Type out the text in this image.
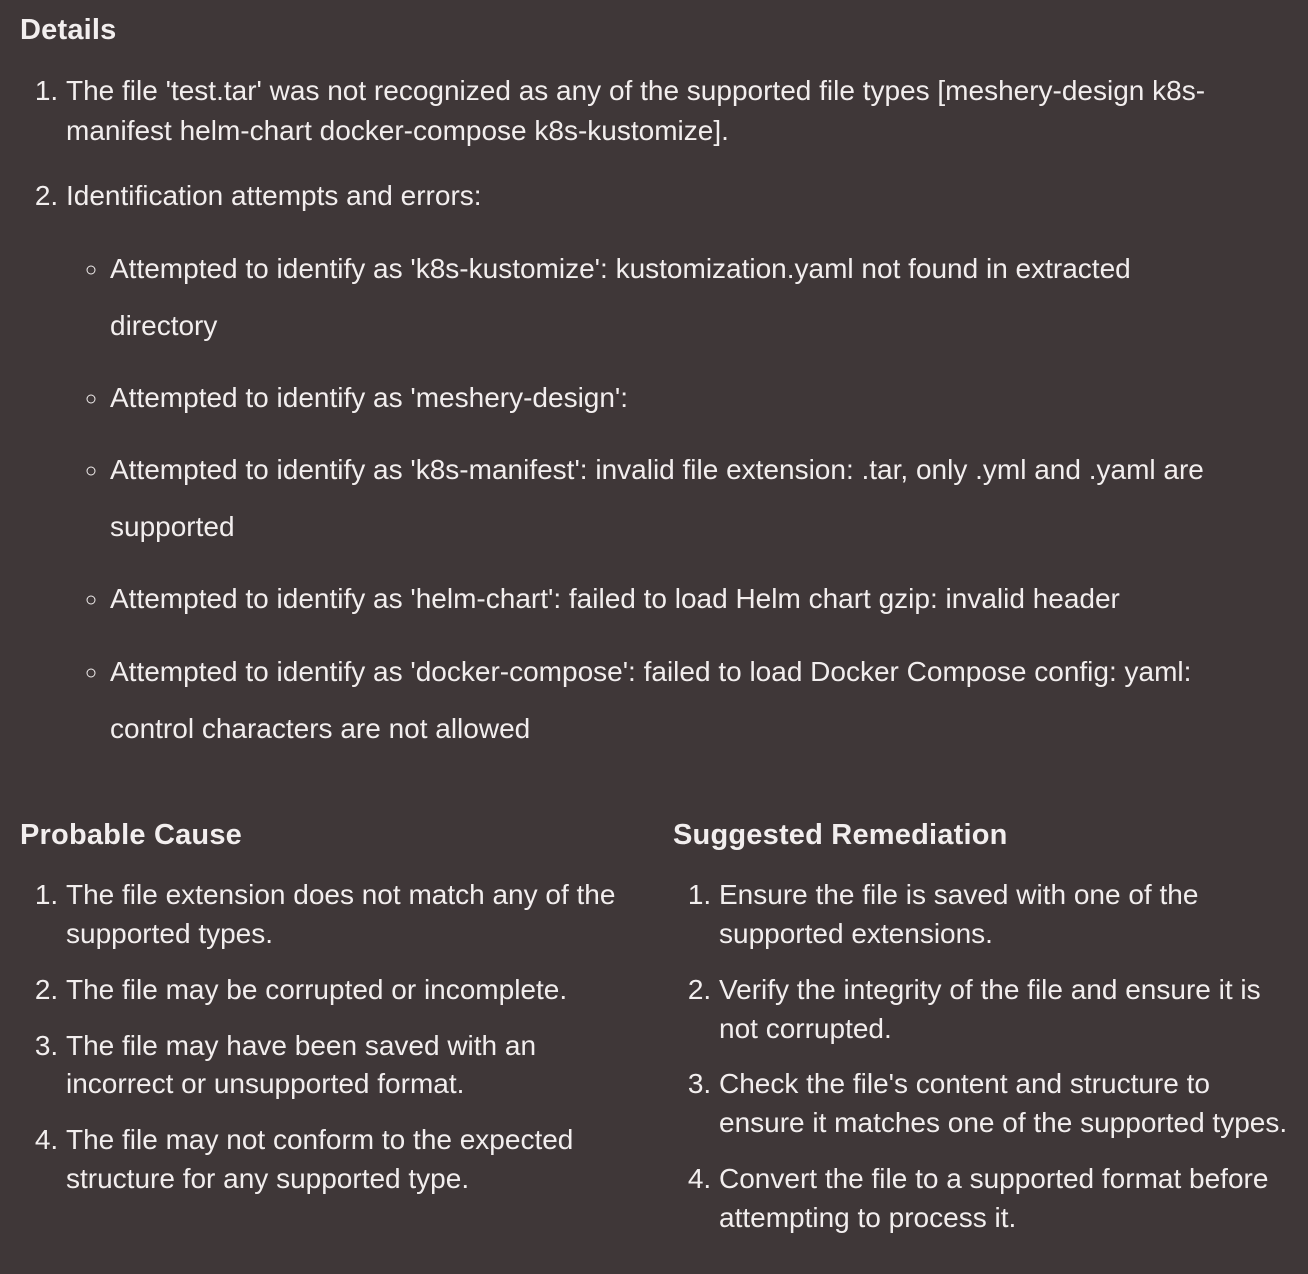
Details
1. The file 'test.tar' was not recognized as any of the supported file types [meshery-design k8s-manifest helm-chart docker-compose k8s-kustomize].
2. Identification attempts and errors:
◦ Attempted to identify as 'k8s-kustomize': kustomization.yaml not found in extracted directory
◦ Attempted to identify as 'meshery-design':
◦ Attempted to identify as 'k8s-manifest': invalid file extension: .tar, only .yml and .yaml are supported
◦ Attempted to identify as 'helm-chart': failed to load Helm chart gzip: invalid header
◦ Attempted to identify as 'docker-compose': failed to load Docker Compose config: yaml: control characters are not allowed
Probable Cause
1. The file extension does not match any of the supported types.
2. The file may be corrupted or incomplete.
3. The file may have been saved with an incorrect or unsupported format.
4. The file may not conform to the expected structure for any supported type.
Suggested Remediation
1. Ensure the file is saved with one of the supported extensions.
2. Verify the integrity of the file and ensure it is not corrupted.
3. Check the file's content and structure to ensure it matches one of the supported types.
4. Convert the file to a supported format before attempting to process it.
